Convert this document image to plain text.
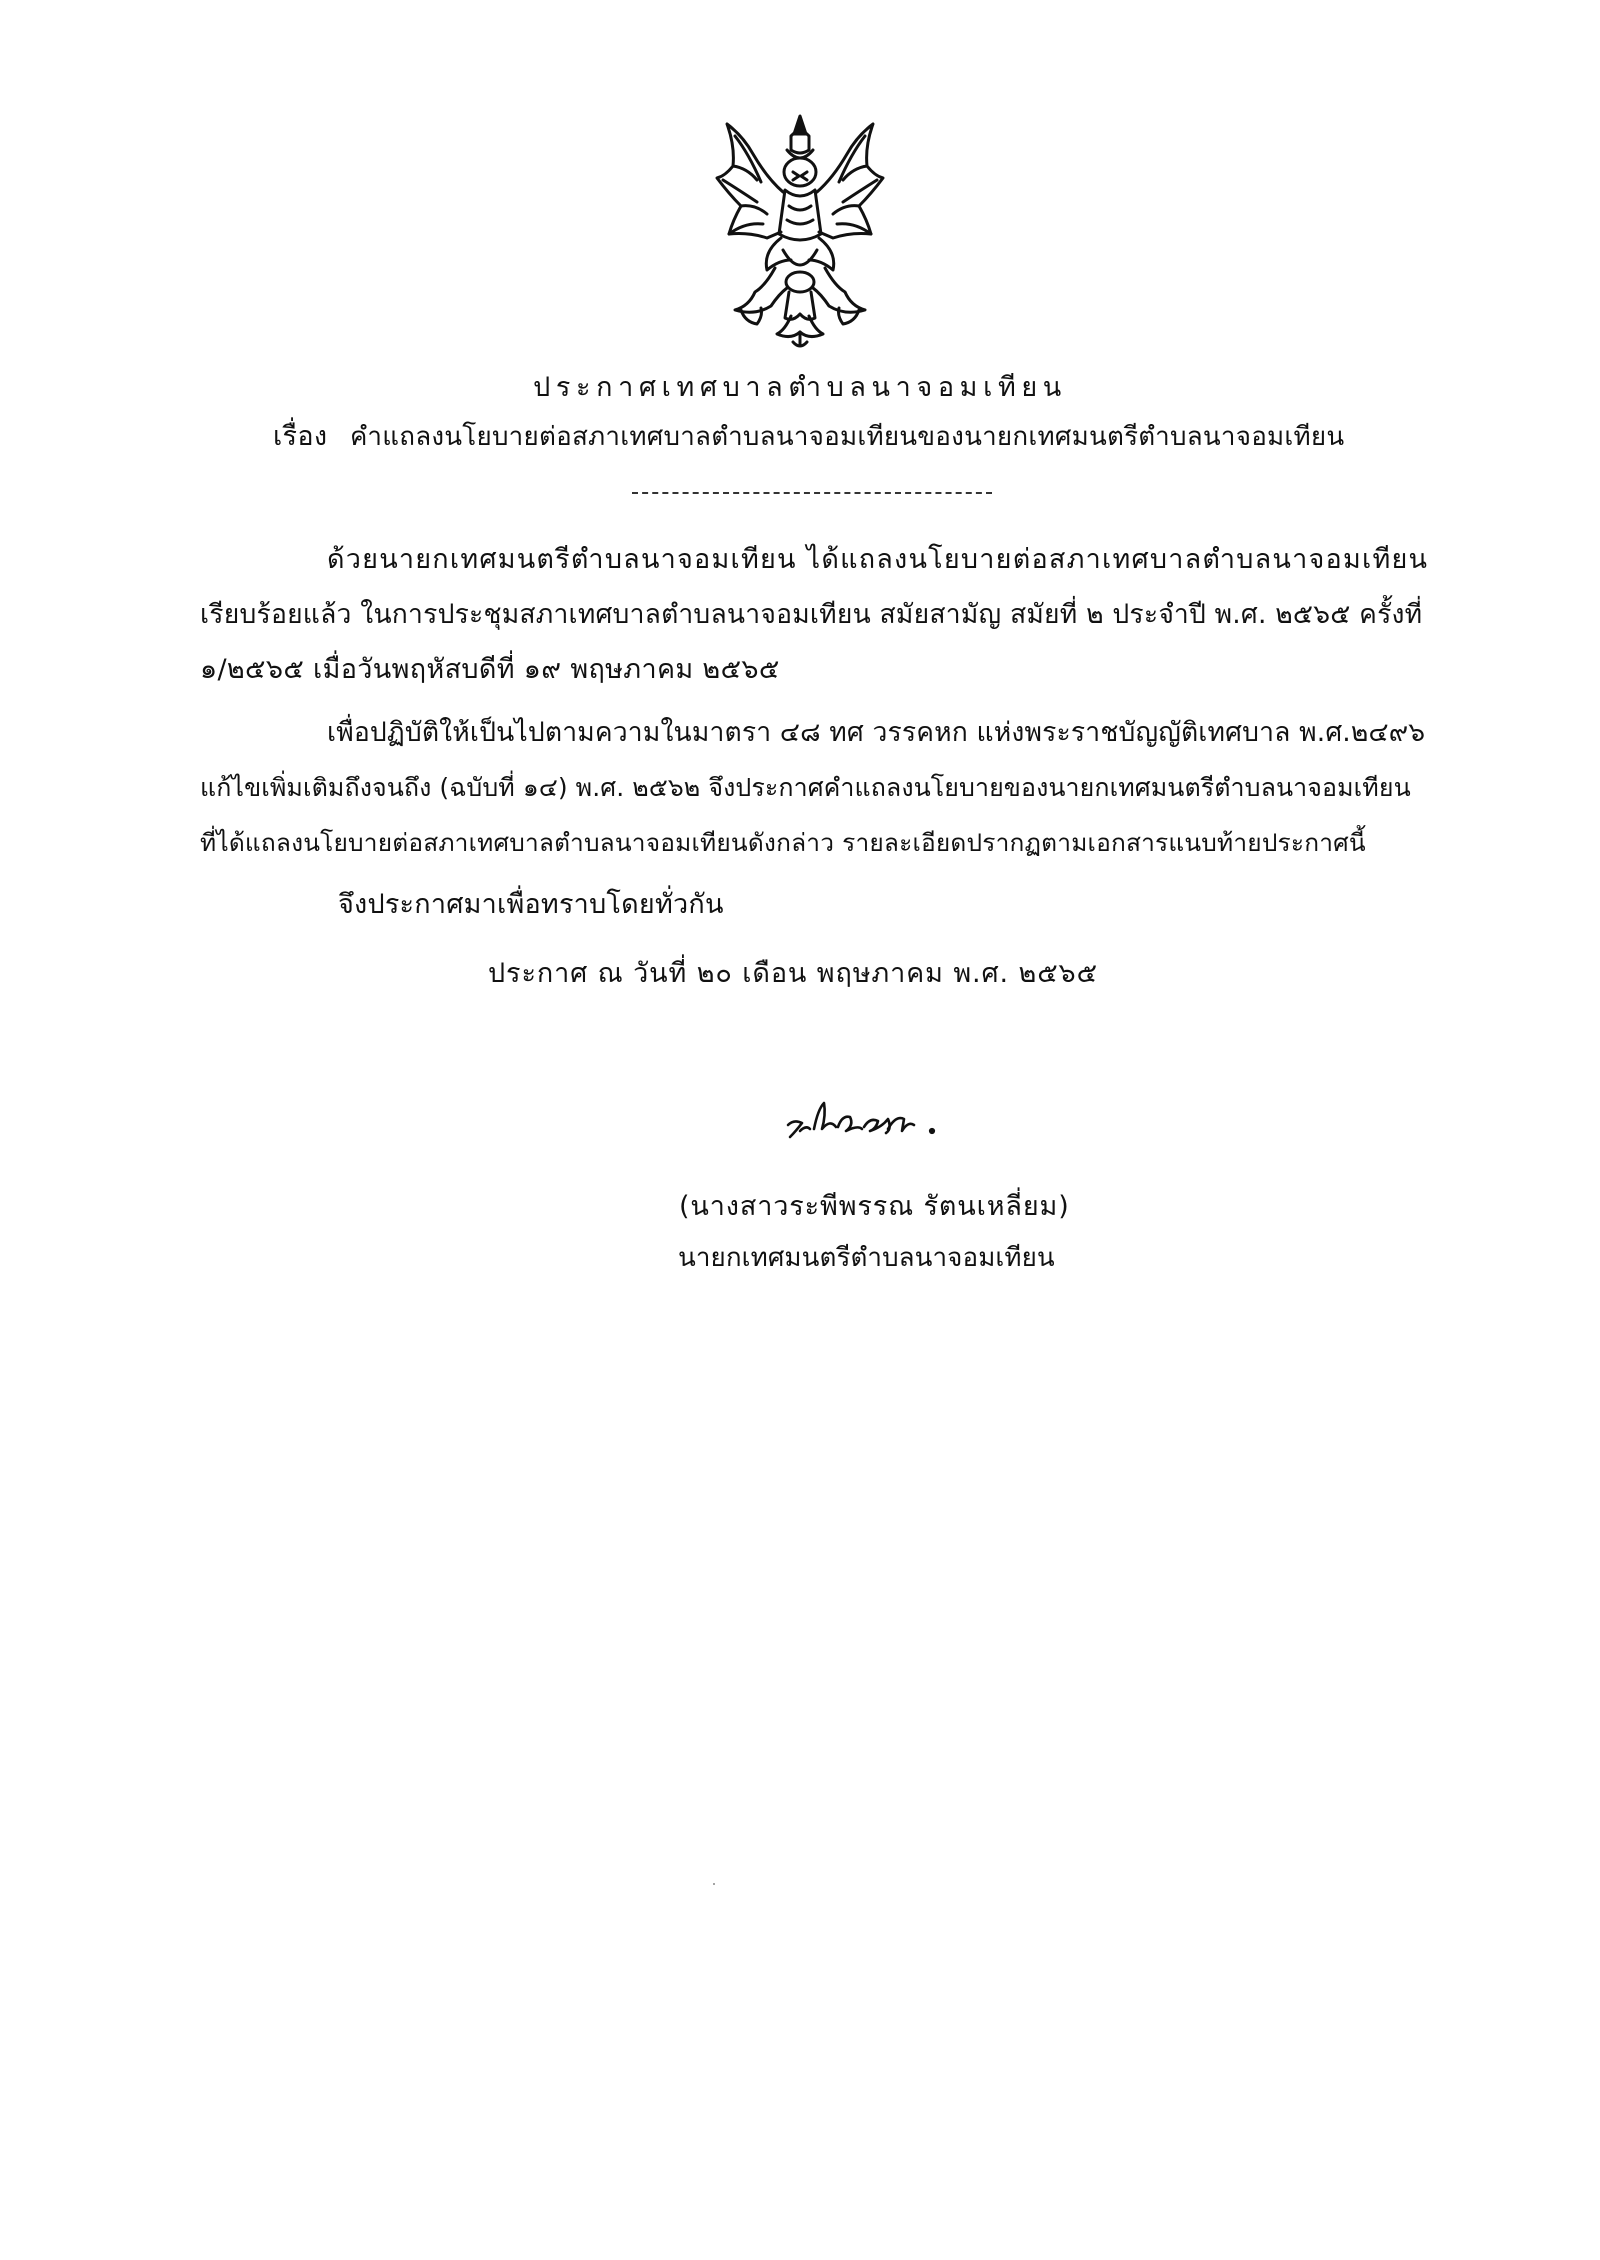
ประกาศเทศบาลตำบลนาจอมเทียน
เรื่อง คำแถลงนโยบายต่อสภาเทศบาลตำบลนาจอมเทียนของนายกเทศมนตรีตำบลนาจอมเทียน
ด้วยนายกเทศมนตรีตำบลนาจอมเทียน ได้แถลงนโยบายต่อสภาเทศบาลตำบลนาจอมเทียน
เรียบร้อยแล้ว ในการประชุมสภาเทศบาลตำบลนาจอมเทียน สมัยสามัญ สมัยที่ ๒ ประจำปี พ.ศ. ๒๕๖๕ ครั้งที่
๑/๒๕๖๕ เมื่อวันพฤหัสบดีที่ ๑๙ พฤษภาคม ๒๕๖๕
เพื่อปฏิบัติให้เป็นไปตามความในมาตรา ๔๘ ทศ วรรคหก แห่งพระราชบัญญัติเทศบาล พ.ศ.๒๔๙๖
แก้ไขเพิ่มเติมถึงจนถึง (ฉบับที่ ๑๔) พ.ศ. ๒๕๖๒ จึงประกาศคำแถลงนโยบายของนายกเทศมนตรีตำบลนาจอมเทียน
ที่ได้แถลงนโยบายต่อสภาเทศบาลตำบลนาจอมเทียนดังกล่าว รายละเอียดปรากฏตามเอกสารแนบท้ายประกาศนี้
จึงประกาศมาเพื่อทราบโดยทั่วกัน
ประกาศ ณ วันที่ ๒๐ เดือน พฤษภาคม พ.ศ. ๒๕๖๕
(นางสาวระพีพรรณ รัตนเหลี่ยม)
นายกเทศมนตรีตำบลนาจอมเทียน
